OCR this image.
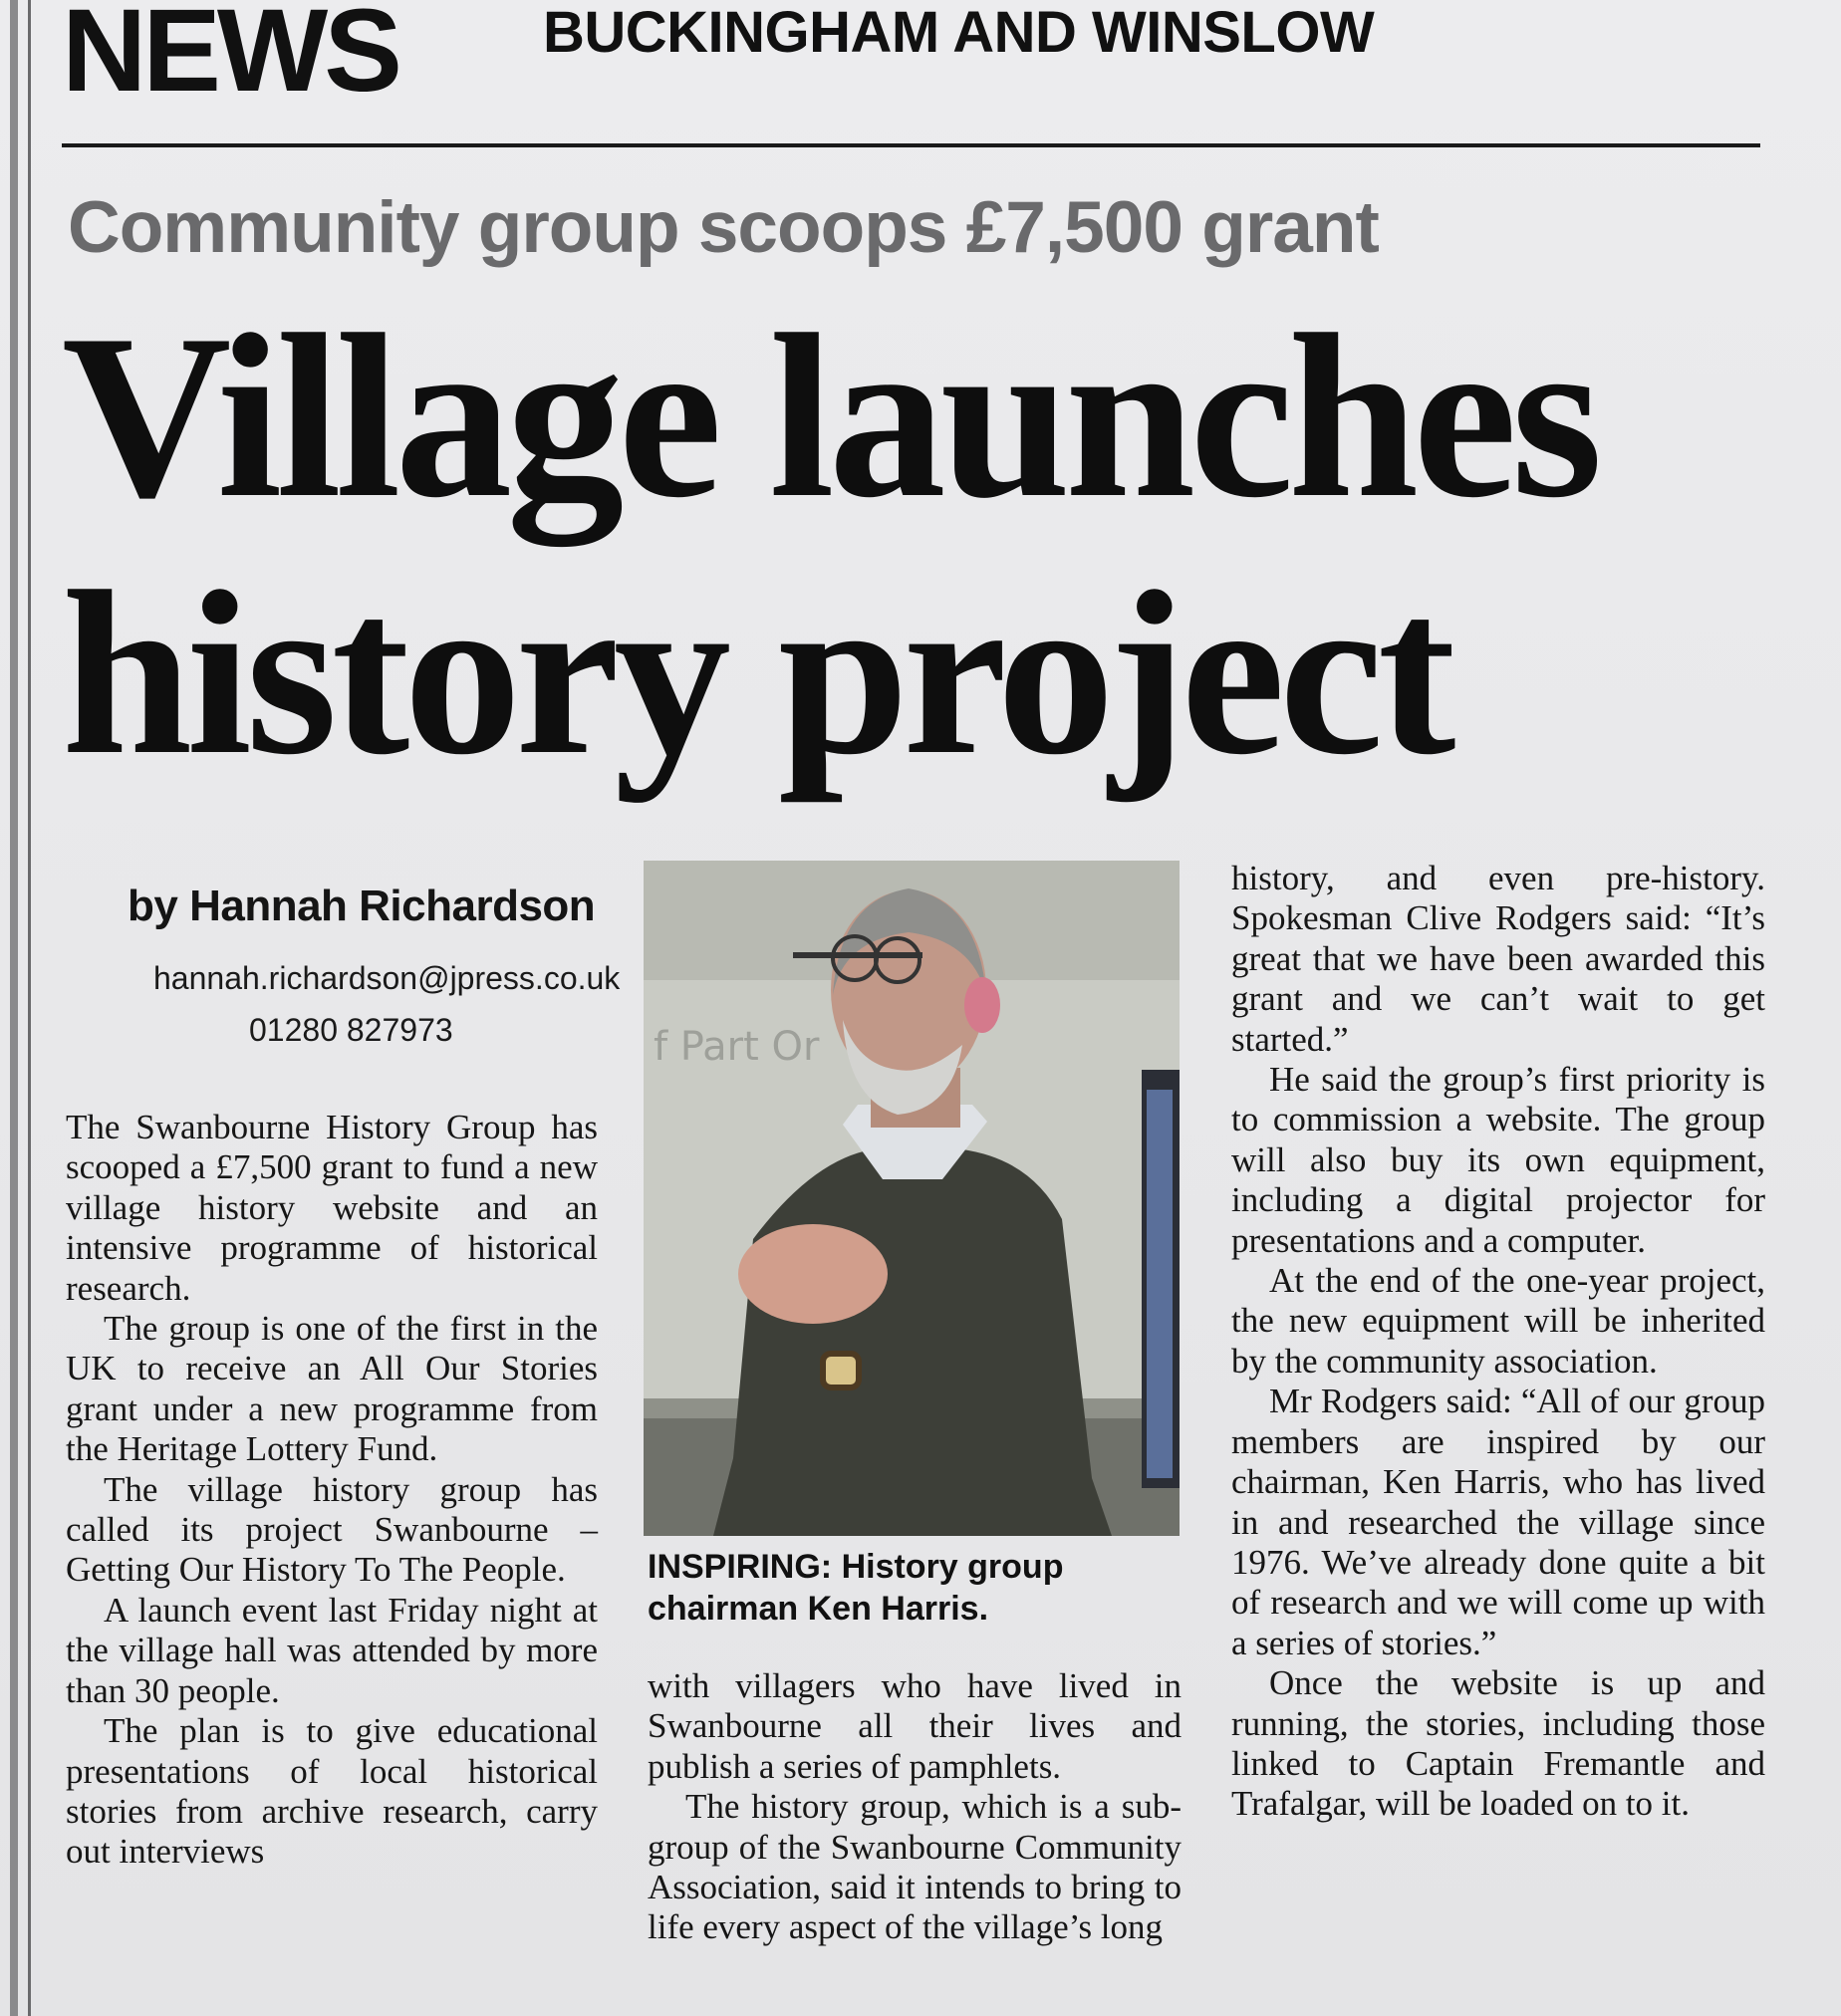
NEWS	BUCKINGHAM AND WINSLOW
Community group scoops £7,500 grant
Village launches
history project
by Hannah Richardson
hannah.richardson@jpress.co.uk
01280 827973

The Swanbourne History Group has scooped a £7,500 grant to fund a new village history website and an intensive programme of historical research.

The group is one of the first in the UK to receive an All Our Stories grant under a new programme from the Heritage Lottery Fund.

The village history group has called its project Swanbourne – Getting Our History To The People.

A launch event last Friday night at the village hall was attended by more than 30 people.

The plan is to give educational presentations of local historical stories from archive research, carry out interviews

f Part Or
INSPIRING: History group chairman Ken Harris.

with villagers who have lived in Swanbourne all their lives and publish a series of pamphlets.

The history group, which is a sub-group of the Swanbourne Community Association, said it intends to bring to life every aspect of the village’s long

history, and even pre-history. Spokesman Clive Rodgers said: “It’s great that we have been awarded this grant and we can’t wait to get started.”

He said the group’s first priority is to commission a website. The group will also buy its own equipment, including a digital projector for presentations and a computer.

At the end of the one-year project, the new equipment will be inherited by the community association.

Mr Rodgers said: “All of our group members are inspired by our chairman, Ken Harris, who has lived in and researched the village since 1976. We’ve already done quite a bit of research and we will come up with a series of stories.”

Once the website is up and running, the stories, including those linked to Captain Fremantle and Trafalgar, will be loaded on to it.
